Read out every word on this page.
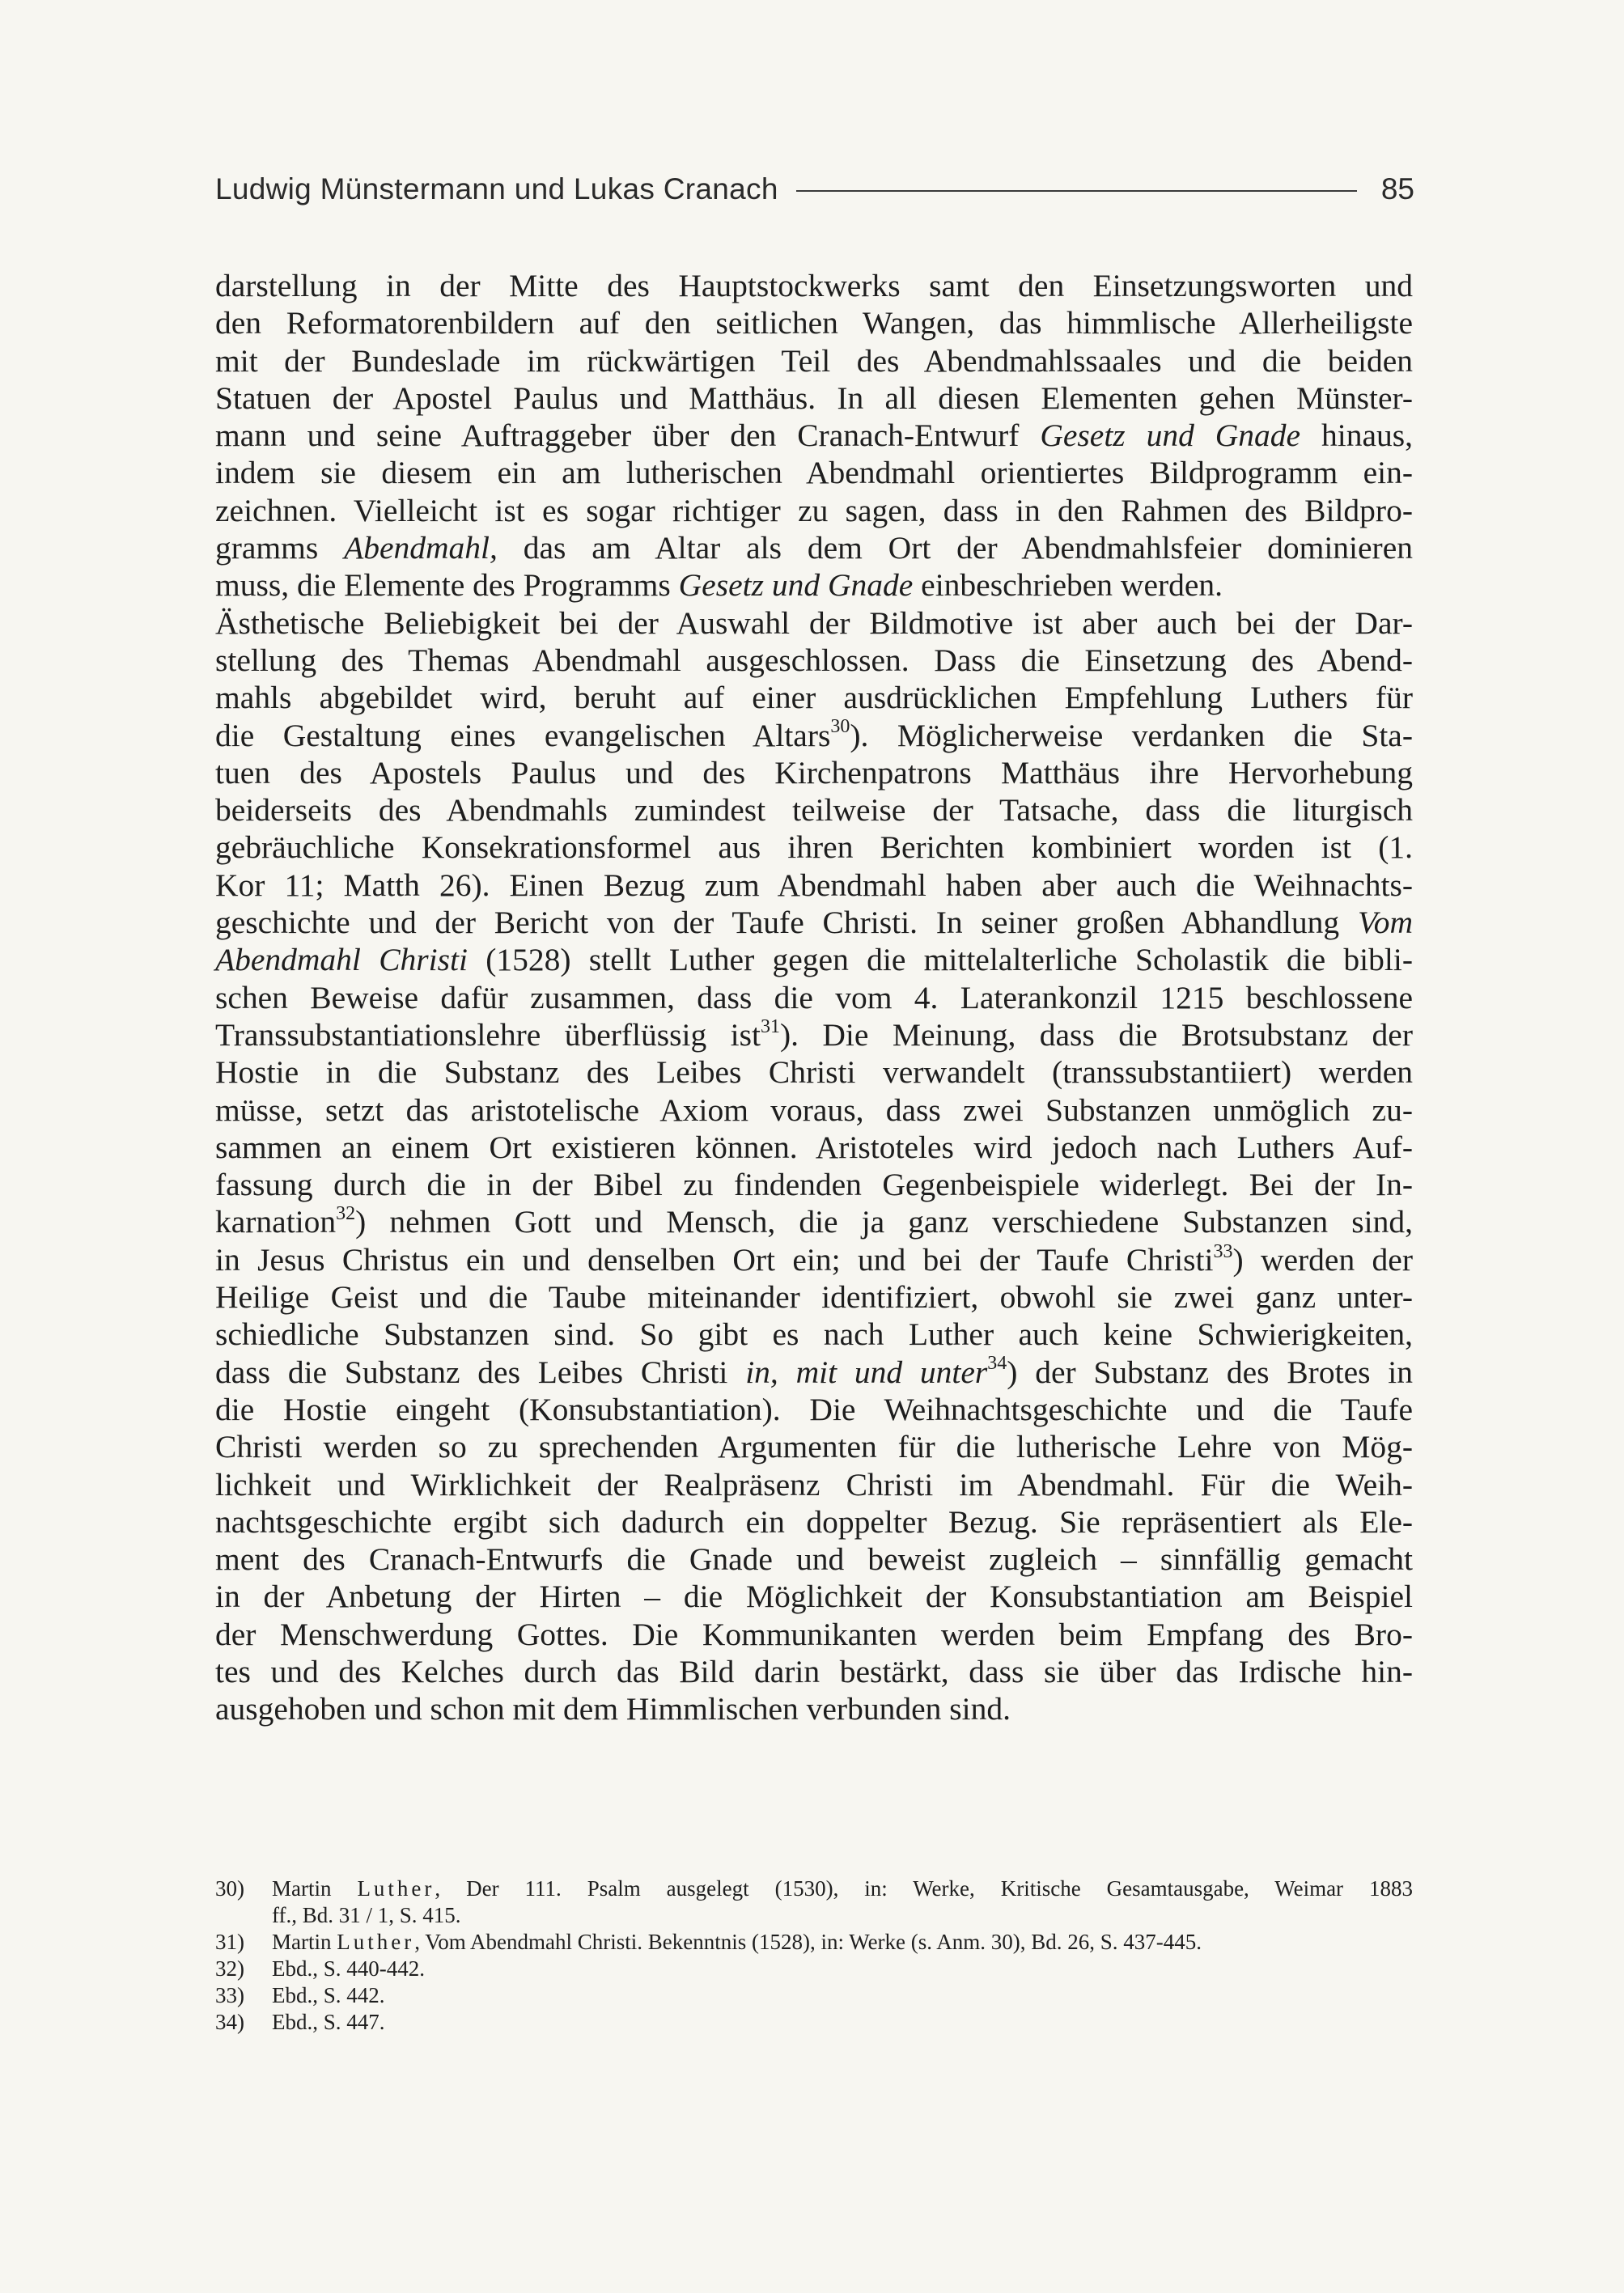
Ludwig Münstermann und Lukas Cranach	85
darstellung in der Mitte des Hauptstockwerks samt den Einsetzungsworten und
den Reformatorenbildern auf den seitlichen Wangen, das himmlische Allerheiligste
mit der Bundeslade im rückwärtigen Teil des Abendmahlssaales und die beiden
Statuen der Apostel Paulus und Matthäus. In all diesen Elementen gehen Münster-
mann und seine Auftraggeber über den Cranach-Entwurf Gesetz und Gnade hinaus,
indem sie diesem ein am lutherischen Abendmahl orientiertes Bildprogramm ein-
zeichnen. Vielleicht ist es sogar richtiger zu sagen, dass in den Rahmen des Bildpro-
gramms Abendmahl, das am Altar als dem Ort der Abendmahlsfeier dominieren
muss, die Elemente des Programms Gesetz und Gnade einbeschrieben werden.
Ästhetische Beliebigkeit bei der Auswahl der Bildmotive ist aber auch bei der Dar-
stellung des Themas Abendmahl ausgeschlossen. Dass die Einsetzung des Abend-
mahls abgebildet wird, beruht auf einer ausdrücklichen Empfehlung Luthers für
die Gestaltung eines evangelischen Altars$^{30}$). Möglicherweise verdanken die Sta-
tuen des Apostels Paulus und des Kirchenpatrons Matthäus ihre Hervorhebung
beiderseits des Abendmahls zumindest teilweise der Tatsache, dass die liturgisch
gebräuchliche Konsekrationsformel aus ihren Berichten kombiniert worden ist (1.
Kor 11; Matth 26). Einen Bezug zum Abendmahl haben aber auch die Weihnachts-
geschichte und der Bericht von der Taufe Christi. In seiner großen Abhandlung Vom
Abendmahl Christi (1528) stellt Luther gegen die mittelalterliche Scholastik die bibli-
schen Beweise dafür zusammen, dass die vom 4. Laterankonzil 1215 beschlossene
Transsubstantiationslehre überflüssig ist$^{31}$). Die Meinung, dass die Brotsubstanz der
Hostie in die Substanz des Leibes Christi verwandelt (transsubstantiiert) werden
müsse, setzt das aristotelische Axiom voraus, dass zwei Substanzen unmöglich zu-
sammen an einem Ort existieren können. Aristoteles wird jedoch nach Luthers Auf-
fassung durch die in der Bibel zu findenden Gegenbeispiele widerlegt. Bei der In-
karnation$^{32}$) nehmen Gott und Mensch, die ja ganz verschiedene Substanzen sind,
in Jesus Christus ein und denselben Ort ein; und bei der Taufe Christi$^{33}$) werden der
Heilige Geist und die Taube miteinander identifiziert, obwohl sie zwei ganz unter-
schiedliche Substanzen sind. So gibt es nach Luther auch keine Schwierigkeiten,
dass die Substanz des Leibes Christi in, mit und unter$^{34}$) der Substanz des Brotes in
die Hostie eingeht (Konsubstantiation). Die Weihnachtsgeschichte und die Taufe
Christi werden so zu sprechenden Argumenten für die lutherische Lehre von Mög-
lichkeit und Wirklichkeit der Realpräsenz Christi im Abendmahl. Für die Weih-
nachtsgeschichte ergibt sich dadurch ein doppelter Bezug. Sie repräsentiert als Ele-
ment des Cranach-Entwurfs die Gnade und beweist zugleich – sinnfällig gemacht
in der Anbetung der Hirten – die Möglichkeit der Konsubstantiation am Beispiel
der Menschwerdung Gottes. Die Kommunikanten werden beim Empfang des Bro-
tes und des Kelches durch das Bild darin bestärkt, dass sie über das Irdische hin-
ausgehoben und schon mit dem Himmlischen verbunden sind.
30)	Martin Luther, Der 111. Psalm ausgelegt (1530), in: Werke, Kritische Gesamtausgabe, Weimar 1883
ff., Bd. 31 / 1, S. 415.
31)	Martin Luther, Vom Abendmahl Christi. Bekenntnis (1528), in: Werke (s. Anm. 30), Bd. 26, S. 437-445.
32)	Ebd., S. 440-442.
33)	Ebd., S. 442.
34)	Ebd., S. 447.
